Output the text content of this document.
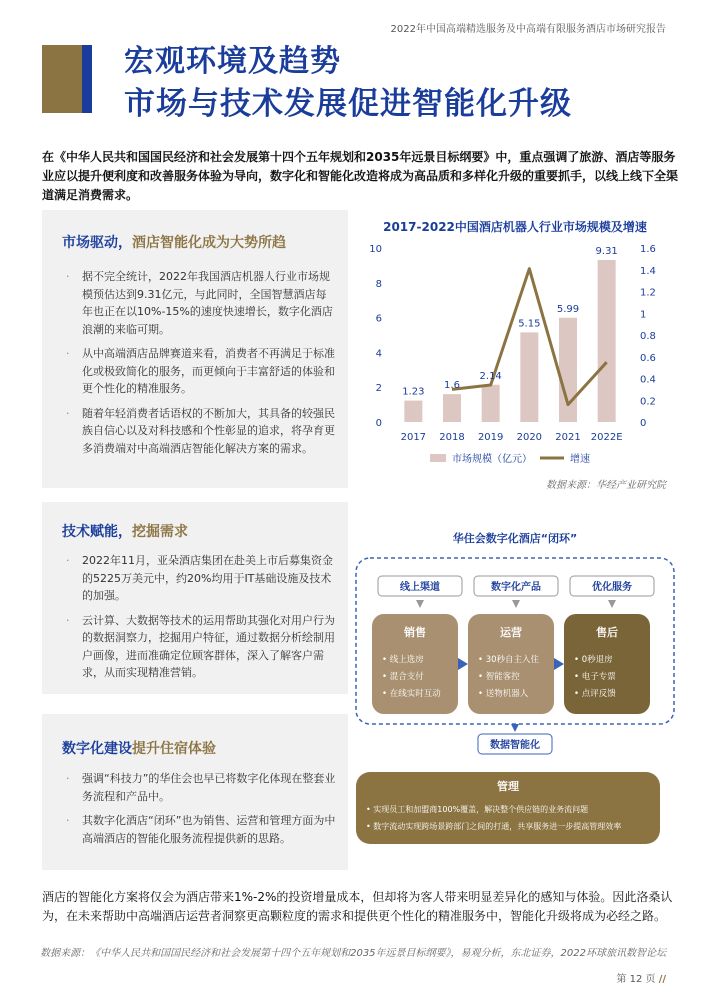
2022年中国高端精选服务及中高端有限服务酒店市场研究报告
宏观环境及趋势
市场与技术发展促进智能化升级
在《中华人民共和国国民经济和社会发展第十四个五年规划和2035年远景目标纲要》中，重点强调了旅游、酒店等服务业应以提升便利度和改善服务体验为导向，数字化和智能化改造将成为高品质和多样化升级的重要抓手，以线上线下全渠道满足消费需求。
市场驱动，酒店智能化成为大势所趋
· 据不完全统计，2022年我国酒店机器人行业市场规模预估达到9.31亿元，与此同时，全国智慧酒店每年也正在以10%-15%的速度快速增长，数字化酒店浪潮的来临可期。
· 从中高端酒店品牌赛道来看，消费者不再满足于标准化或极致简化的服务，而更倾向于丰富舒适的体验和更个性化的精准服务。
· 随着年轻消费者话语权的不断加大，其具备的较强民族自信心以及对科技感和个性彰显的追求，将孕育更多消费端对中高端酒店智能化解决方案的需求。
技术赋能，挖掘需求
· 2022年11月，亚朵酒店集团在赴美上市后募集资金的5225万美元中，约20%均用于IT基础设施及技术的加强。
· 云计算、大数据等技术的运用帮助其强化对用户行为的数据洞察力，挖掘用户特征，通过数据分析绘制用户画像，进而准确定位顾客群体，深入了解客户需求，从而实现精准营销。
数字化建设提升住宿体验
· 强调“科技力”的华住会也早已将数字化体现在整套业务流程和产品中。
· 其数字化酒店“闭环”也为销售、运营和管理方面为中高端酒店的智能化服务流程提供新的思路。
2017-2022中国酒店机器人行业市场规模及增速
0
2
4
6
8
10
0
0.2
0.4
0.6
0.8
1
1.2
1.4
1.6
1.23
1.6
2.14
5.15
5.99
9.31
2017 2018 2019 2020 2021 2022E
市场规模（亿元）	增速
数据来源：华经产业研究院
华住会数字化酒店“闭环”
线上渠道	数字化产品	优化服务
销售
• 线上选房
• 混合支付
• 在线实时互动
运营
• 30秒自主入住
• 智能客控
• 送物机器人
售后
• 0秒退房
• 电子专票
• 点评反馈
数据智能化
管理
• 实现员工和加盟商100%覆盖，解决整个供应链的业务流问题
• 数字流动实现跨场景跨部门之间的打通，共享服务进一步提高管理效率
酒店的智能化方案将仅会为酒店带来1%-2%的投资增量成本，但却将为客人带来明显差异化的感知与体验。因此洛桑认为，在未来帮助中高端酒店运营者洞察更高颗粒度的需求和提供更个性化的精准服务中，智能化升级将成为必经之路。
数据来源：《中华人民共和国国民经济和社会发展第十四个五年规划和2035年远景目标纲要》，易观分析，东北证券，2022环球旅讯数智论坛
第 12 页 //
